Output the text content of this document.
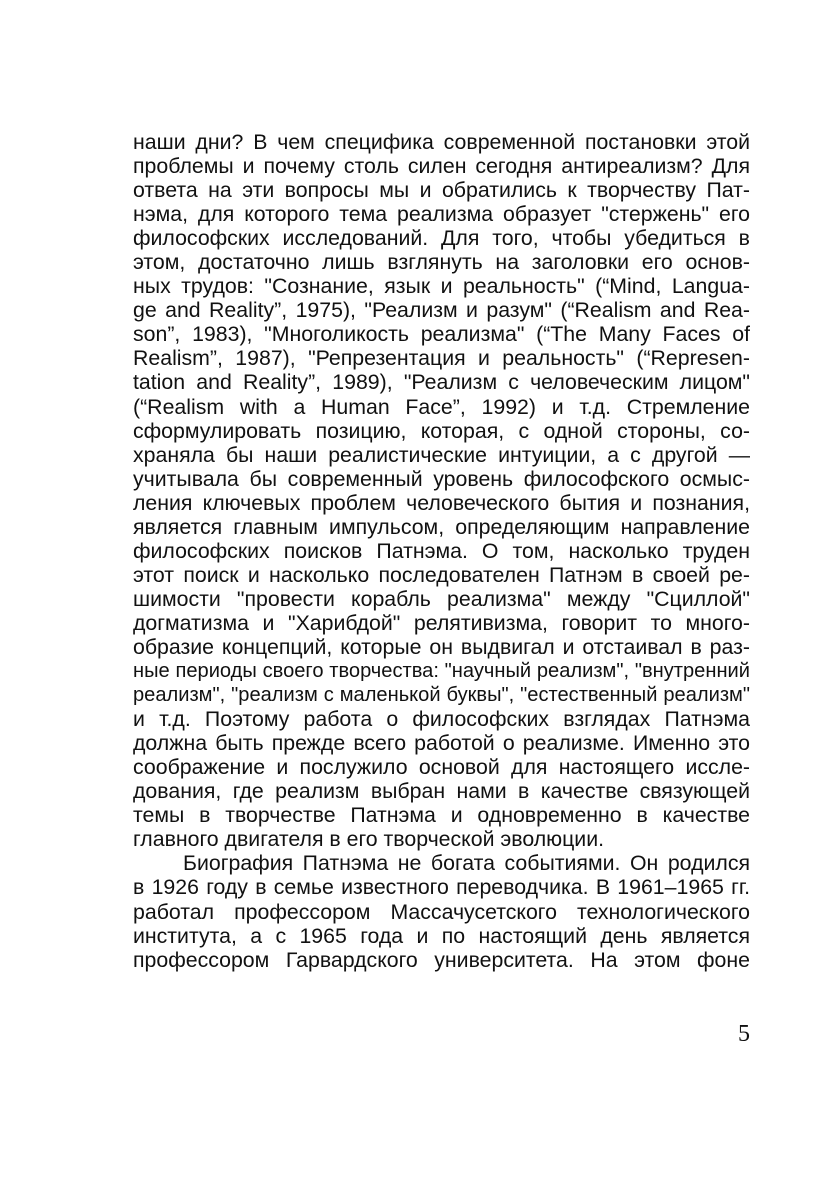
наши дни? В чем специфика современной постановки этой
проблемы и почему столь силен сегодня антиреализм? Для
ответа на эти вопросы мы и обратились к творчеству Пат-
нэма, для которого тема реализма образует "стержень" его
философских исследований. Для того, чтобы убедиться в
этом, достаточно лишь взглянуть на заголовки его основ-
ных трудов: "Сознание, язык и реальность" (“Mind, Langua-
ge and Reality”, 1975), "Реализм и разум" (“Realism and Rea-
son”, 1983), "Многоликость реализма" (“The Many Faces of
Realism”, 1987), "Репрезентация и реальность" (“Represen-
tation and Reality”, 1989), "Реализм с человеческим лицом"
(“Realism with a Human Face”, 1992) и т.д. Стремление
сформулировать позицию, которая, с одной стороны, со-
храняла бы наши реалистические интуиции, а с другой —
учитывала бы современный уровень философского осмыс-
ления ключевых проблем человеческого бытия и познания,
является главным импульсом, определяющим направление
философских поисков Патнэма. О том, насколько труден
этот поиск и насколько последователен Патнэм в своей ре-
шимости "провести корабль реализма" между "Сциллой"
догматизма и "Харибдой" релятивизма, говорит то много-
образие концепций, которые он выдвигал и отстаивал в раз-
ные периоды своего творчества: "научный реализм", "внутренний
реализм", "реализм с маленькой буквы", "естественный реализм"
и т.д. Поэтому работа о философских взглядах Патнэма
должна быть прежде всего работой о реализме. Именно это
соображение и послужило основой для настоящего иссле-
дования, где реализм выбран нами в качестве связующей
темы в творчестве Патнэма и одновременно в качестве
главного двигателя в его творческой эволюции.
Биография Патнэма не богата событиями. Он родился
в 1926 году в семье известного переводчика. В 1961–1965 гг.
работал профессором Массачусетского технологического
института, а с 1965 года и по настоящий день является
профессором Гарвардского университета. На этом фоне
5
